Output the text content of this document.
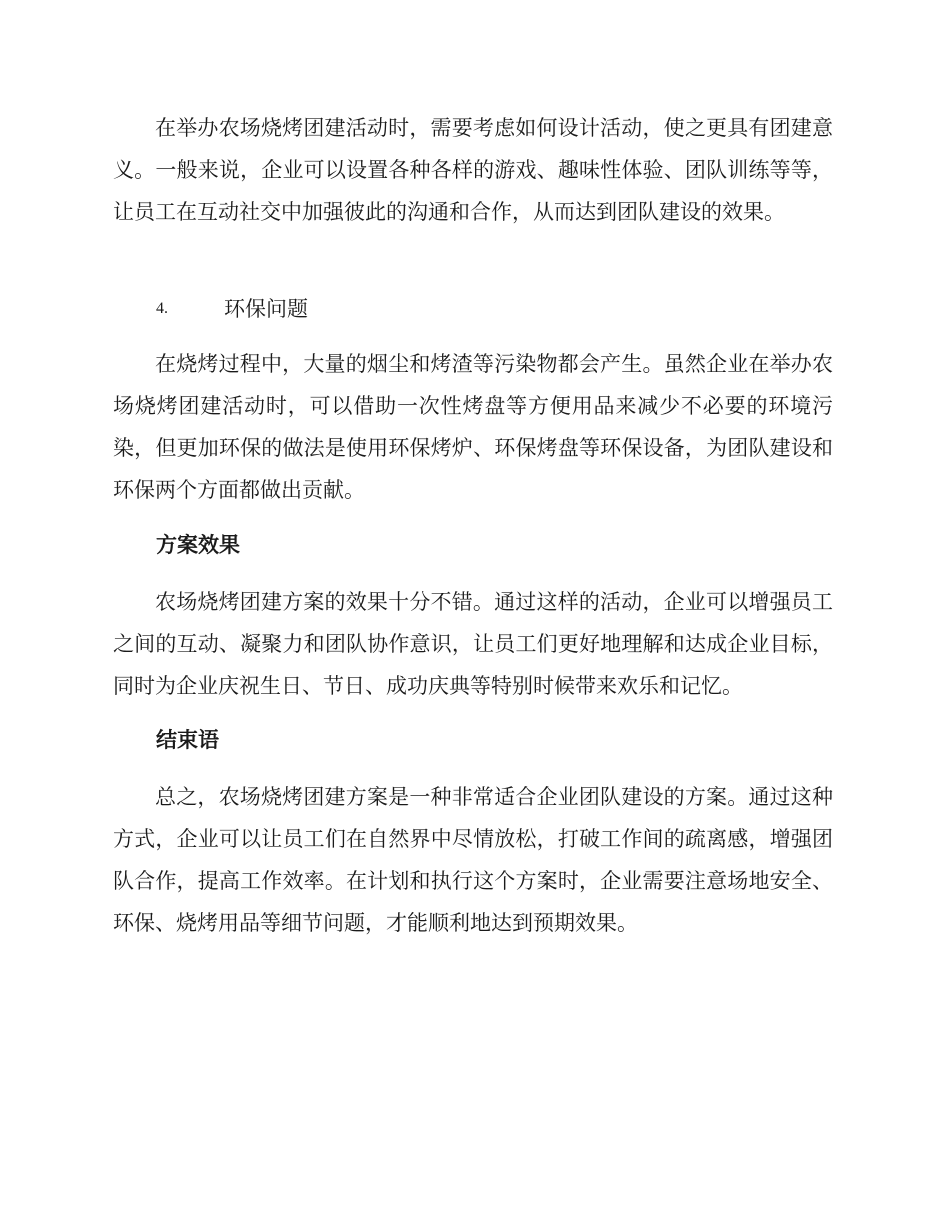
在举办农场烧烤团建活动时，需要考虑如何设计活动，使之更具有团建意义。一般来说，企业可以设置各种各样的游戏、趣味性体验、团队训练等等，让员工在互动社交中加强彼此的沟通和合作，从而达到团队建设的效果。

4.	环保问题

在烧烤过程中，大量的烟尘和烤渣等污染物都会产生。虽然企业在举办农场烧烤团建活动时，可以借助一次性烤盘等方便用品来减少不必要的环境污染，但更加环保的做法是使用环保烤炉、环保烤盘等环保设备，为团队建设和环保两个方面都做出贡献。

方案效果

农场烧烤团建方案的效果十分不错。通过这样的活动，企业可以增强员工之间的互动、凝聚力和团队协作意识，让员工们更好地理解和达成企业目标，同时为企业庆祝生日、节日、成功庆典等特别时候带来欢乐和记忆。

结束语

总之，农场烧烤团建方案是一种非常适合企业团队建设的方案。通过这种方式，企业可以让员工们在自然界中尽情放松，打破工作间的疏离感，增强团队合作，提高工作效率。在计划和执行这个方案时，企业需要注意场地安全、环保、烧烤用品等细节问题，才能顺利地达到预期效果。
